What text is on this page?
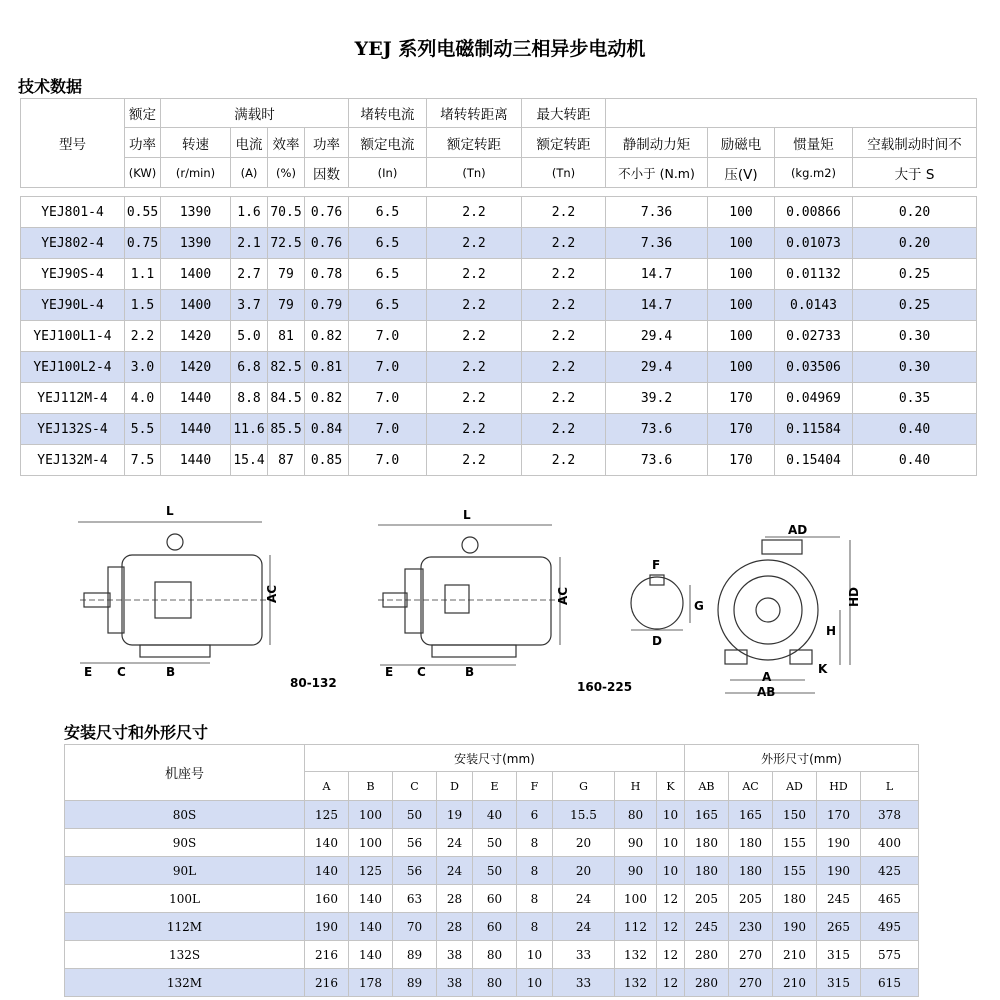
YEJ 系列电磁制动三相异步电动机
技术数据
型号	额定	满载时				堵转电流	堵转转距离	最大转距				
	功率	转速	电流	效率	功率	额定电流	额定转距	额定转距	静制动力矩	励磁电	惯量矩	空载制动时间不
	(KW)	(r/min)	(A)	(%)	因数	(In)	(Tn)	(Tn)	不小于 (N.m)	压(V)	(kg.m2)	大于 S

YEJ801-4	0.55	1390	1.6	70.5	0.76	6.5	2.2	2.2	7.36	100	0.00866	0.20
YEJ802-4	0.75	1390	2.1	72.5	0.76	6.5	2.2	2.2	7.36	100	0.01073	0.20
YEJ90S-4	1.1	1400	2.7	79	0.78	6.5	2.2	2.2	14.7	100	0.01132	0.25
YEJ90L-4	1.5	1400	3.7	79	0.79	6.5	2.2	2.2	14.7	100	0.0143	0.25
YEJ100L1-4	2.2	1420	5.0	81	0.82	7.0	2.2	2.2	29.4	100	0.02733	0.30
YEJ100L2-4	3.0	1420	6.8	82.5	0.81	7.0	2.2	2.2	29.4	100	0.03506	0.30
YEJ112M-4	4.0	1440	8.8	84.5	0.82	7.0	2.2	2.2	39.2	170	0.04969	0.35
YEJ132S-4	5.5	1440	11.6	85.5	0.84	7.0	2.2	2.2	73.6	170	0.11584	0.40
YEJ132M-4	7.5	1440	15.4	87	0.85	7.0	2.2	2.2	73.6	170	0.15404	0.40
L
AC
E C	B
80-132
L
AC
E C	B
160-225
F
G
D
AD
HD
H
K
A
AB
安装尺寸和外形尺寸
机座号	安装尺寸(mm)									外形尺寸(mm)				
	A	B	C	D	E	F	G	H	K	AB	AC	AD	HD	L
80S	125	100	50	19	40	6	15.5	80	10	165	165	150	170	378
90S	140	100	56	24	50	8	20	90	10	180	180	155	190	400
90L	140	125	56	24	50	8	20	90	10	180	180	155	190	425
100L	160	140	63	28	60	8	24	100	12	205	205	180	245	465
112M	190	140	70	28	60	8	24	112	12	245	230	190	265	495
132S	216	140	89	38	80	10	33	132	12	280	270	210	315	575
132M	216	178	89	38	80	10	33	132	12	280	270	210	315	615
